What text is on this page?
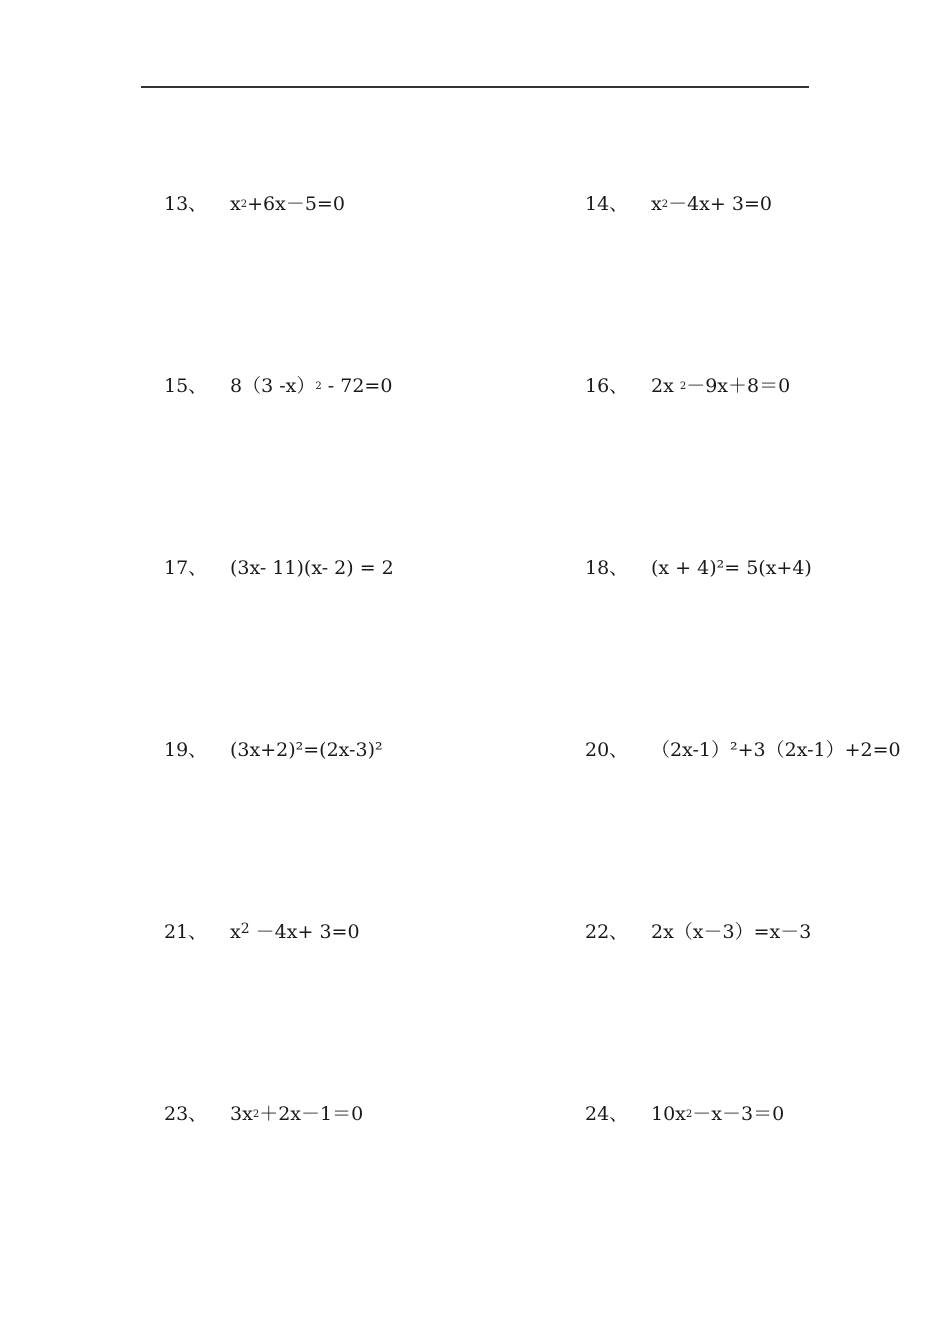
13、 $x^2+6x-5=0$	14、 $x^2-4x+ 3=0$
15、 8（3 -x）$^2$ - 72=0	16、 2x $^2$－9x＋8＝0
17、 (3x- 11)(x- 2) = 2	18、 (x + 4)²= 5(x+4)
19、 (3x+2)²=(2x-3)²	20、 （2x-1）²+3（2x-1）+2=0
21、 $x^2 -4x+ 3=0$	22、 2x（x－3）=x－3
23、 $3x^2+2x-1=0$	24、 $10x^2-x-3=0$
